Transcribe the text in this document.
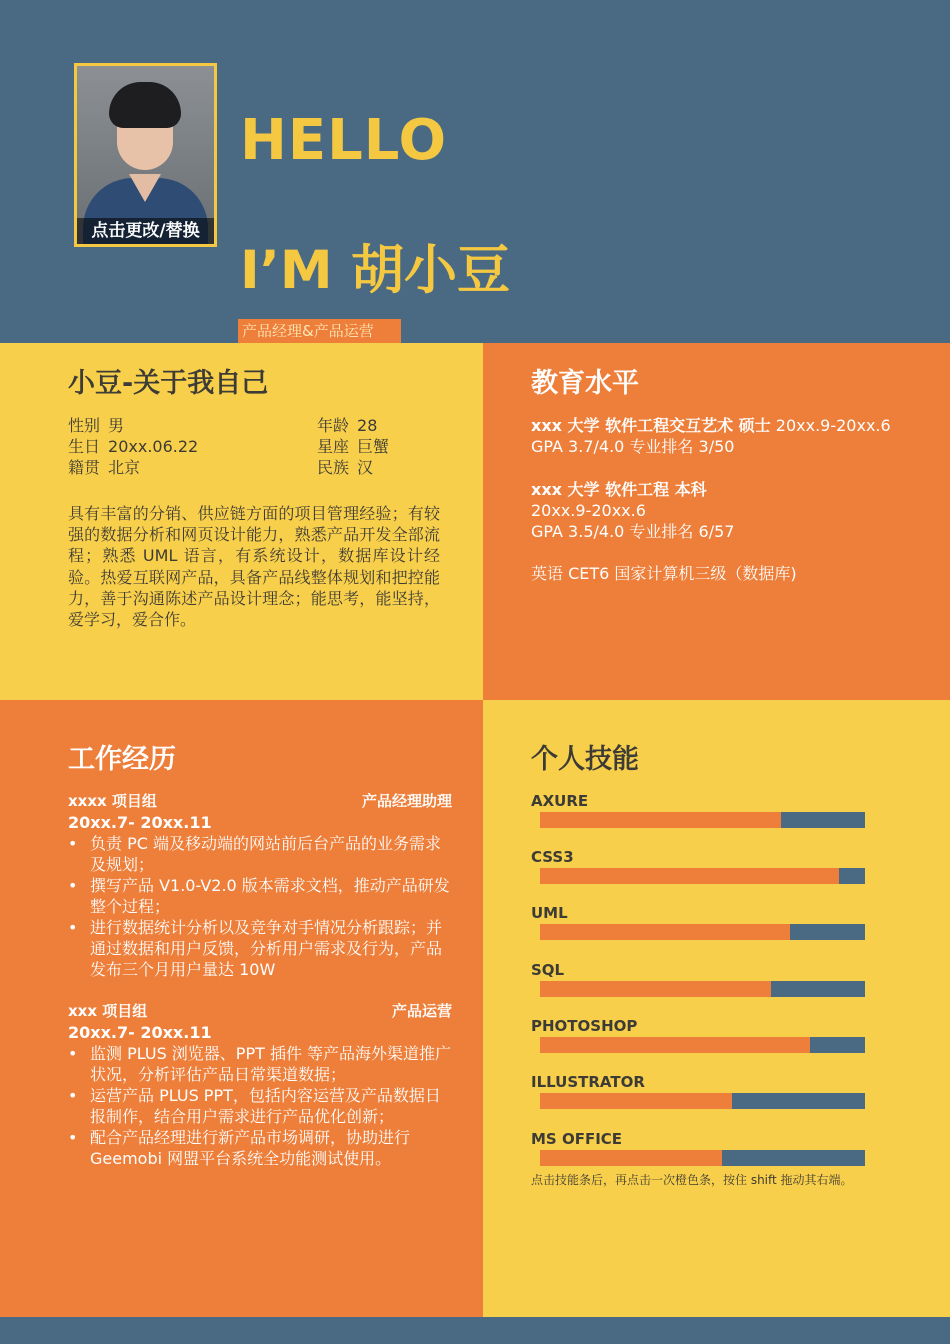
点击更改/替换
HELLO
I’M 胡小豆
产品经理&产品运营
小豆-关于我自己
性别 男	年龄 28
生日 20xx.06.22	星座 巨蟹
籍贯 北京	民族 汉
具有丰富的分销、供应链方面的项目管理经验；有较强的数据分析和网页设计能力，熟悉产品开发全部流程；熟悉 UML 语言，有系统设计，数据库设计经验。热爱互联网产品，具备产品线整体规划和把控能力，善于沟通陈述产品设计理念；能思考，能坚持，爱学习，爱合作。
教育水平
xxx 大学 软件工程交互艺术 硕士 20xx.9-20xx.6
GPA 3.7/4.0 专业排名 3/50
xxx 大学 软件工程 本科
20xx.9-20xx.6
GPA 3.5/4.0 专业排名 6/57
英语 CET6 国家计算机三级（数据库)
工作经历
xxxx 项目组	产品经理助理
20xx.7- 20xx.11
• 负责 PC 端及移动端的网站前后台产品的业务需求及规划；
• 撰写产品 V1.0-V2.0 版本需求文档，推动产品研发整个过程；
• 进行数据统计分析以及竞争对手情况分析跟踪；并通过数据和用户反馈，分析用户需求及行为，产品发布三个月用户量达 10W
xxx 项目组	产品运营
20xx.7- 20xx.11
• 监测 PLUS 浏览器、PPT 插件 等产品海外渠道推广状况，分析评估产品日常渠道数据；
• 运营产品 PLUS PPT，包括内容运营及产品数据日报制作，结合用户需求进行产品优化创新；
• 配合产品经理进行新产品市场调研，协助进行 Geemobi 网盟平台系统全功能测试使用。
个人技能
AXURE
CSS3
UML
SQL
PHOTOSHOP
ILLUSTRATOR
MS OFFICE
点击技能条后，再点击一次橙色条，按住 shift 拖动其右端。
